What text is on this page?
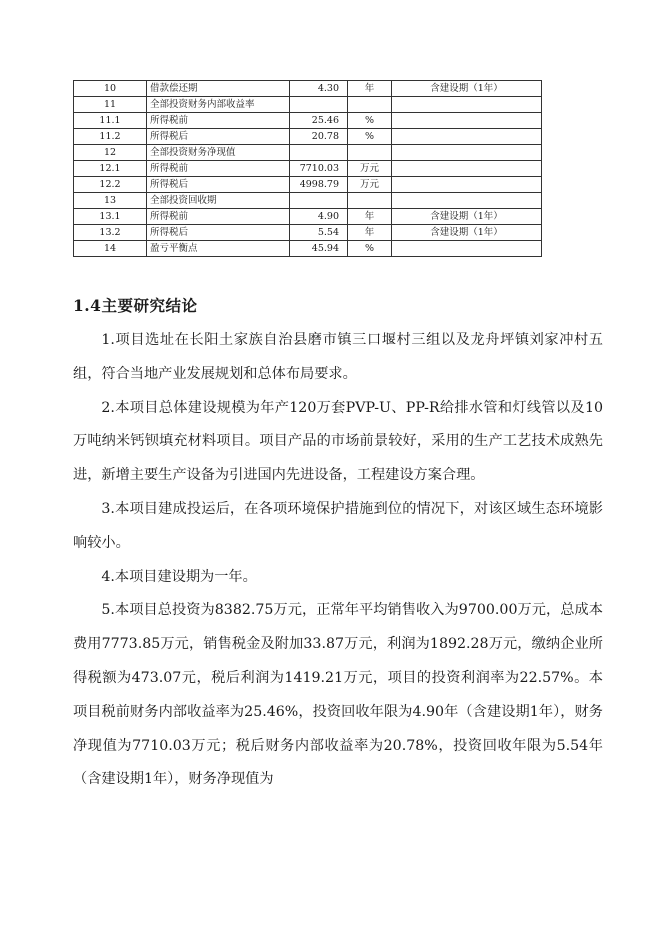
10	借款偿还期	4.30	年	含建设期（1年）
11	全部投资财务内部收益率			
11.1	所得税前	25.46	%	
11.2	所得税后	20.78	%	
12	全部投资财务净现值			
12.1	所得税前	7710.03	万元	
12.2	所得税后	4998.79	万元	
13	全部投资回收期			
13.1	所得税前	4.90	年	含建设期（1年）
13.2	所得税后	5.54	年	含建设期（1年）
14	盈亏平衡点	45.94	%	
1.4主要研究结论

1.项目选址在长阳土家族自治县磨市镇三口堰村三组以及龙舟坪镇刘家冲村五组，符合当地产业发展规划和总体布局要求。

2.本项目总体建设规模为年产120万套PVP-U、PP-R给排水管和灯线管以及10万吨纳米钙钡填充材料项目。项目产品的市场前景较好，采用的生产工艺技术成熟先进，新增主要生产设备为引进国内先进设备，工程建设方案合理。

3.本项目建成投运后，在各项环境保护措施到位的情况下，对该区域生态环境影响较小。

4.本项目建设期为一年。

5.本项目总投资为8382.75万元，正常年平均销售收入为9700.00万元，总成本费用7773.85万元，销售税金及附加33.87万元，利润为1892.28万元，缴纳企业所得税额为473.07元，税后利润为1419.21万元，项目的投资利润率为22.57%。本项目税前财务内部收益率为25.46%，投资回收年限为4.90年（含建设期1年），财务净现值为7710.03万元；税后财务内部收益率为20.78%，投资回收年限为5.54年（含建设期1年），财务净现值为
